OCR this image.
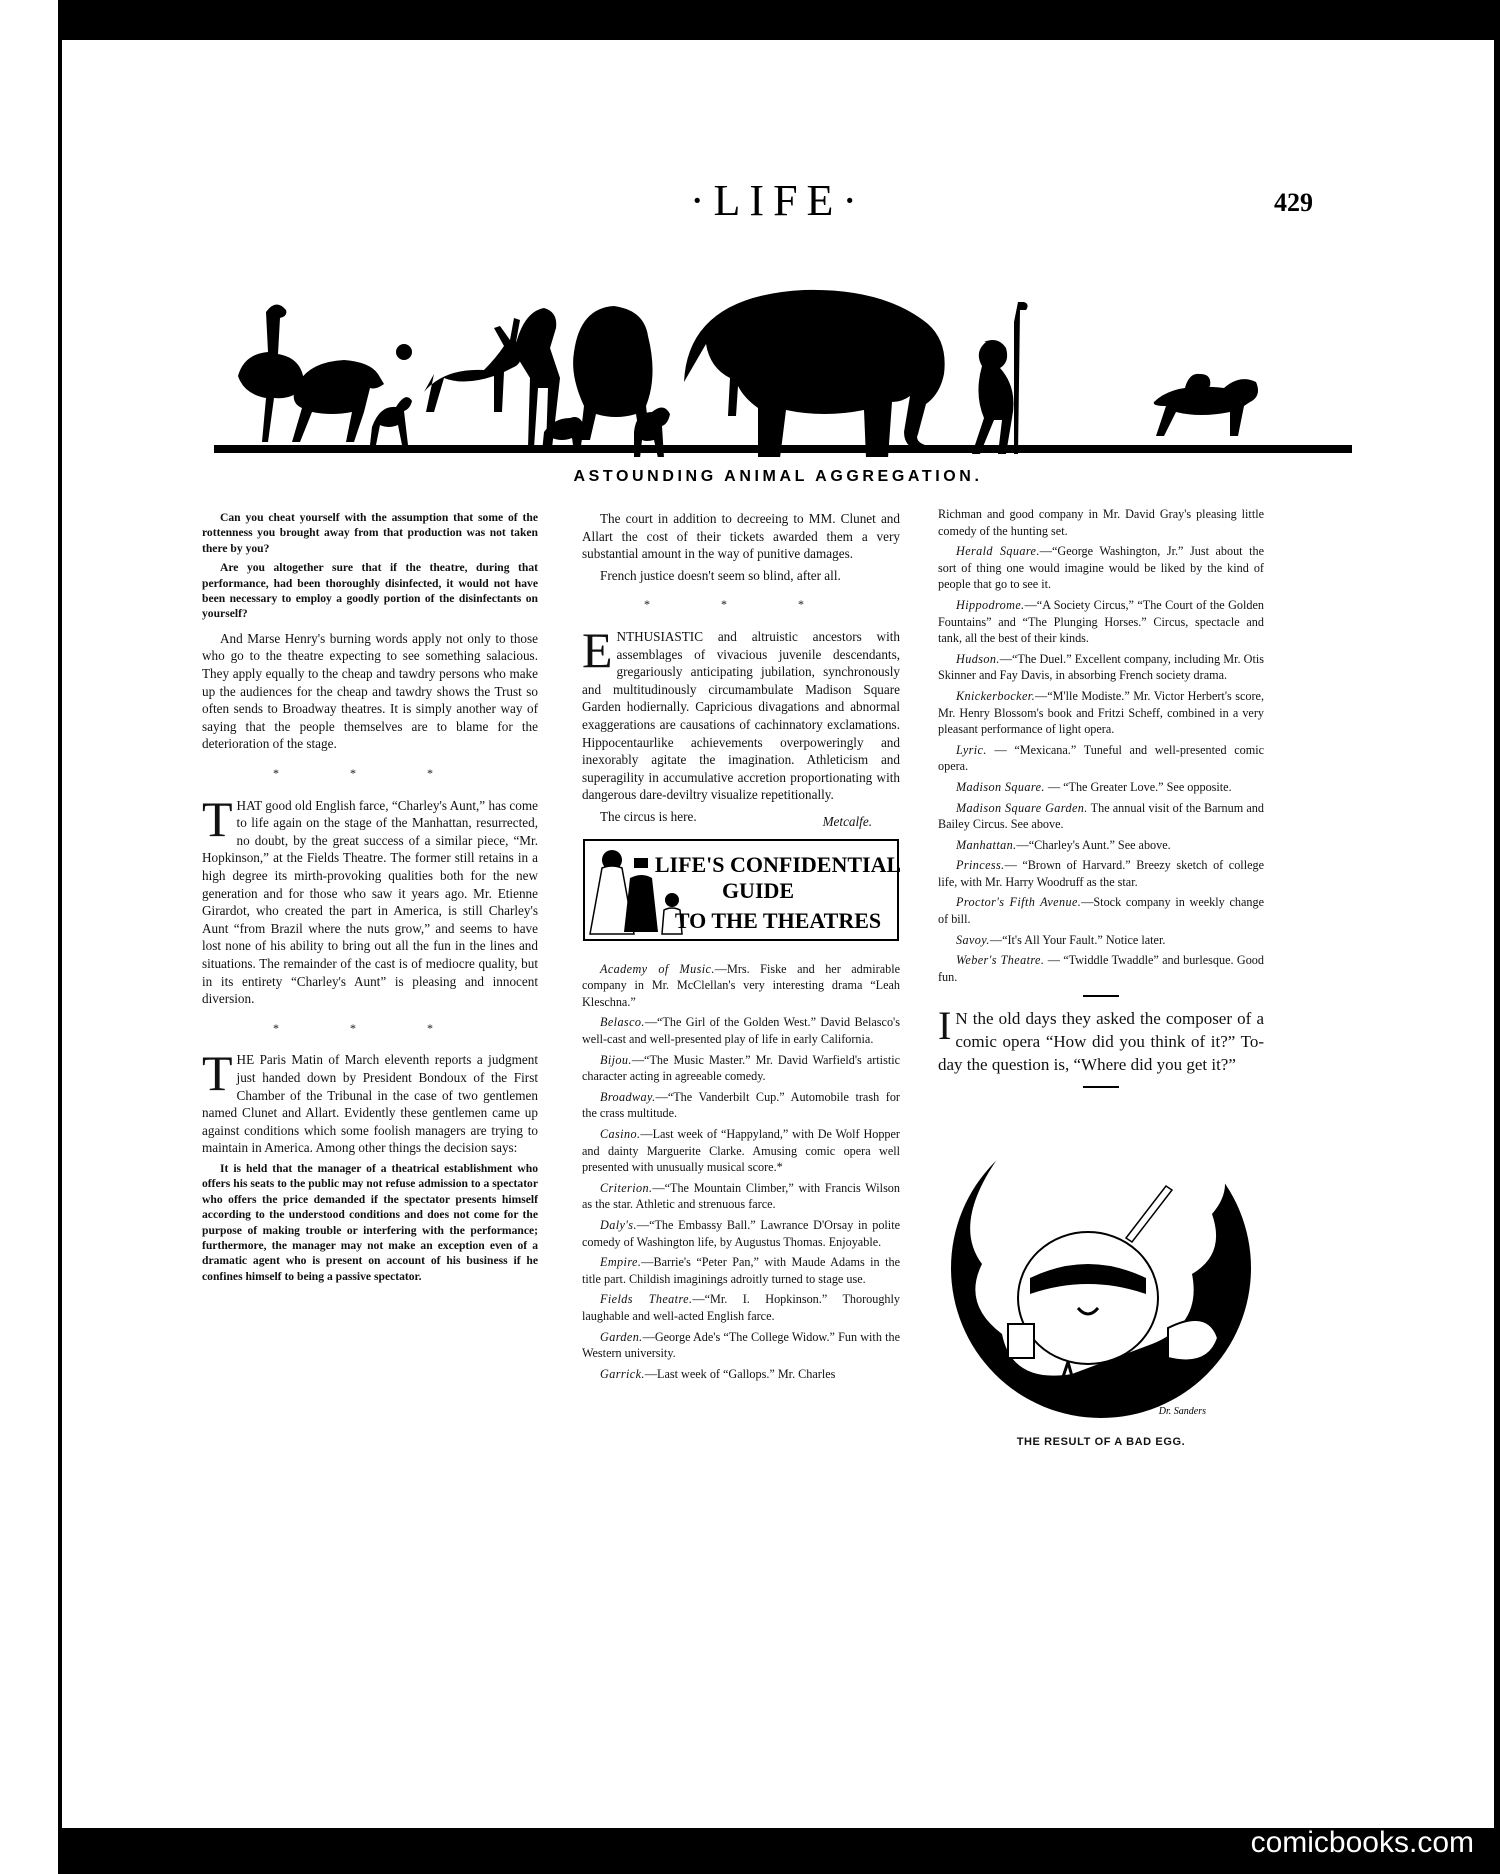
·LIFE·	429
ASTOUNDING ANIMAL AGGREGATION.

Can you cheat yourself with the assumption that some of the rottenness you brought away from that production was not taken there by you?

Are you altogether sure that if the theatre, during that performance, had been thoroughly disinfected, it would not have been necessary to employ a goodly portion of the disinfectants on yourself?

And Marse Henry's burning words apply not only to those who go to the theatre expecting to see something salacious. They apply equally to the cheap and tawdry persons who make up the audiences for the cheap and tawdry shows the Trust so often sends to Broadway theatres. It is simply another way of saying that the people themselves are to blame for the deterioration of the stage.

* * *

THAT good old English farce, “Charley's Aunt,” has come to life again on the stage of the Manhattan, resurrected, no doubt, by the great success of a similar piece, “Mr. Hopkinson,” at the Fields Theatre. The former still retains in a high degree its mirth-provoking qualities both for the new generation and for those who saw it years ago. Mr. Etienne Girardot, who created the part in America, is still Charley's Aunt “from Brazil where the nuts grow,” and seems to have lost none of his ability to bring out all the fun in the lines and situations. The remainder of the cast is of mediocre quality, but in its entirety “Charley's Aunt” is pleasing and innocent diversion.

* * *

THE Paris Matin of March eleventh reports a judgment just handed down by President Bondoux of the First Chamber of the Tribunal in the case of two gentlemen named Clunet and Allart. Evidently these gentlemen came up against conditions which some foolish managers are trying to maintain in America. Among other things the decision says:

It is held that the manager of a theatrical establishment who offers his seats to the public may not refuse admission to a spectator who offers the price demanded if the spectator presents himself according to the understood conditions and does not come for the purpose of making trouble or interfering with the performance; furthermore, the manager may not make an exception even of a dramatic agent who is present on account of his business if he confines himself to being a passive spectator.

The court in addition to decreeing to MM. Clunet and Allart the cost of their tickets awarded them a very substantial amount in the way of punitive damages.

French justice doesn't seem so blind, after all.

* * *

ENTHUSIASTIC and altruistic ancestors with assemblages of vivacious juvenile descendants, gregariously anticipating jubilation, synchronously and multitudinously circumambulate Madison Square Garden hodiernally. Capricious divagations and abnormal exaggerations are causations of cachinnatory exclamations. Hippocentaurlike achievements overpoweringly and inexorably agitate the imagination. Athleticism and superagility in accumulative accretion proportionating with dangerous dare-deviltry visualize repetitionally.

The circus is here.	Metcalfe.
LIFE'S CONFIDENTIAL
GUIDE
TO THE THEATRES

Academy of Music.—Mrs. Fiske and her admirable company in Mr. McClellan's very interesting drama “Leah Kleschna.”

Belasco.—“The Girl of the Golden West.” David Belasco's well-cast and well-presented play of life in early California.

Bijou.—“The Music Master.” Mr. David Warfield's artistic character acting in agreeable comedy.

Broadway.—“The Vanderbilt Cup.” Automobile trash for the crass multitude.

Casino.—Last week of “Happyland,” with De Wolf Hopper and dainty Marguerite Clarke. Amusing comic opera well presented with unusually musical score.*

Criterion.—“The Mountain Climber,” with Francis Wilson as the star. Athletic and strenuous farce.

Daly's.—“The Embassy Ball.” Lawrance D'Orsay in polite comedy of Washington life, by Augustus Thomas. Enjoyable.

Empire.—Barrie's “Peter Pan,” with Maude Adams in the title part. Childish imaginings adroitly turned to stage use.

Fields Theatre.—“Mr. I. Hopkinson.” Thoroughly laughable and well-acted English farce.

Garden.—George Ade's “The College Widow.” Fun with the Western university.

Garrick.—Last week of “Gallops.” Mr. Charles

Richman and good company in Mr. David Gray's pleasing little comedy of the hunting set.

Herald Square.—“George Washington, Jr.” Just about the sort of thing one would imagine would be liked by the kind of people that go to see it.

Hippodrome.—“A Society Circus,” “The Court of the Golden Fountains” and “The Plunging Horses.” Circus, spectacle and tank, all the best of their kinds.

Hudson.—“The Duel.” Excellent company, including Mr. Otis Skinner and Fay Davis, in absorbing French society drama.

Knickerbocker.—“M'lle Modiste.” Mr. Victor Herbert's score, Mr. Henry Blossom's book and Fritzi Scheff, combined in a very pleasant performance of light opera.

Lyric. — “Mexicana.” Tuneful and well-presented comic opera.

Madison Square. — “The Greater Love.” See opposite.

Madison Square Garden. The annual visit of the Barnum and Bailey Circus. See above.

Manhattan.—“Charley's Aunt.” See above.

Princess.— “Brown of Harvard.” Breezy sketch of college life, with Mr. Harry Woodruff as the star.

Proctor's Fifth Avenue.—Stock company in weekly change of bill.

Savoy.—“It's All Your Fault.” Notice later.

Weber's Theatre. — “Twiddle Twaddle” and burlesque. Good fun.

I N the old days they asked the composer of a comic opera “How did you think of it?” To-day the question is, “Where did you get it?”

Dr. Sanders
THE RESULT OF A BAD EGG.
comicbooks.com
